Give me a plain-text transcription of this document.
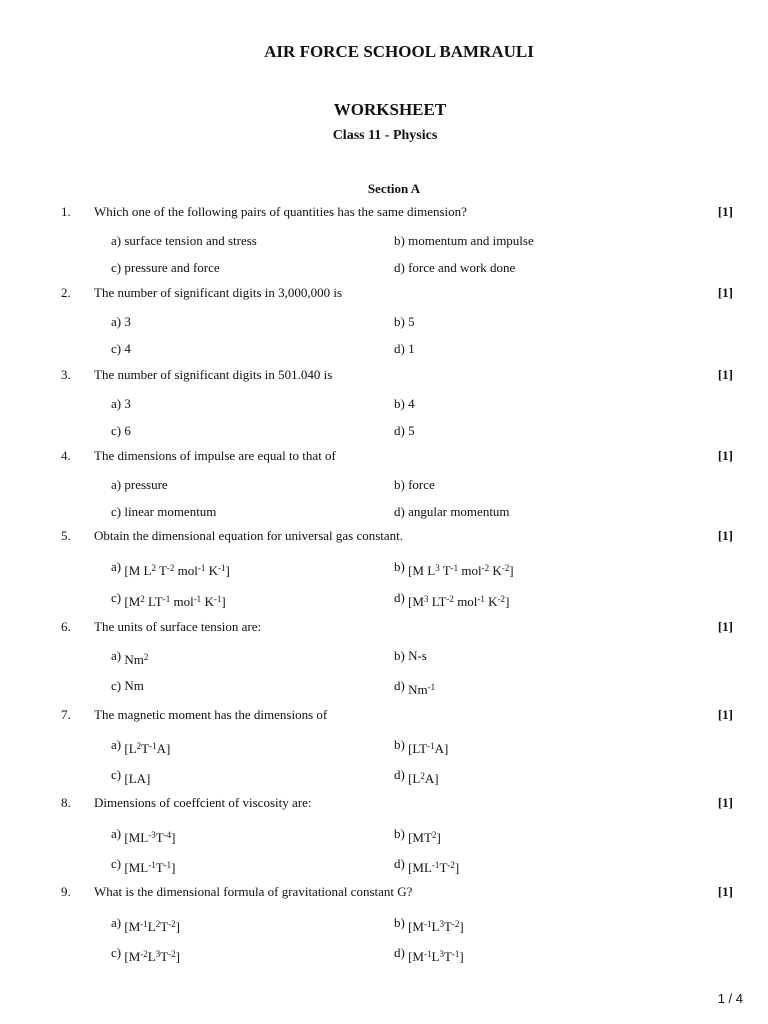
AIR FORCE SCHOOL BAMRAULI
WORKSHEET
Class 11 - Physics
Section A
1. Which one of the following pairs of quantities has the same dimension?	[1]
a) surface tension and stress	b) momentum and impulse
c) pressure and force	d) force and work done
2. The number of significant digits in 3,000,000 is	[1]
a) 3	b) 5
c) 4	d) 1
3. The number of significant digits in 501.040 is	[1]
a) 3	b) 4
c) 6	d) 5
4. The dimensions of impulse are equal to that of	[1]
a) pressure	b) force
c) linear momentum	d) angular momentum
5. Obtain the dimensional equation for universal gas constant.	[1]
a) [M $L^2$ $T^{-2}$ mol$^{-1}$ $K^{-1}$]	b) [M $L^3$ $T^{-1}$ mol$^{-2}$ $K^{-2}$]
c) [$M^2$ $LT^{-1}$ mol$^{-1}$ $K^{-1}$]	d) [$M^3$ $LT^{-2}$ mol$^{-1}$ $K^{-2}$]
6. The units of surface tension are:	[1]
a) Nm$^2$	b) N-s
c) Nm	d) $Nm^{-1}$
7. The magnetic moment has the dimensions of	[1]
a) $[L^2T^{-1}A]$	b) $[LT^{-1}A]$
c) [LA]	d) $[L^2A]$
8. Dimensions of coeffcient of viscosity are:	[1]
a) $[ML^{-3}T^{-4}]$	b) $[MT^2]$
c) $[ML^{-1}T^{-1}]$	d) $[ML^{-1}T^{-2}]$
9. What is the dimensional formula of gravitational constant G?	[1]
a) $[M^{-1}L^2T^{-2}]$	b) $[M^{-1}L^3T^{-2}]$
c) $[M^{-2}L^3T^{-2}]$	d) $[M^{-1}L^3T^{-1}]$
1 / 4
